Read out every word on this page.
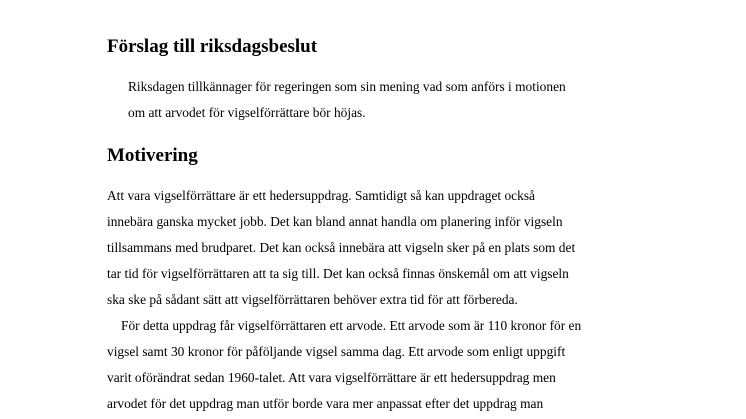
Förslag till riksdagsbeslut

Riksdagen tillkännager för regeringen som sin mening vad som anförs i motionen

om att arvodet för vigselförrättare bör höjas.

Motivering

Att vara vigselförrättare är ett hedersuppdrag. Samtidigt så kan uppdraget också

innebära ganska mycket jobb. Det kan bland annat handla om planering inför vigseln

tillsammans med brudparet. Det kan också innebära att vigseln sker på en plats som det

tar tid för vigselförrättaren att ta sig till. Det kan också finnas önskemål om att vigseln

ska ske på sådant sätt att vigselförrättaren behöver extra tid för att förbereda.

För detta uppdrag får vigselförrättaren ett arvode. Ett arvode som är 110 kronor för en

vigsel samt 30 kronor för påföljande vigsel samma dag. Ett arvode som enligt uppgift

varit oförändrat sedan 1960-talet. Att vara vigselförrättare är ett hedersuppdrag men

arvodet för det uppdrag man utför borde vara mer anpassat efter det uppdrag man
